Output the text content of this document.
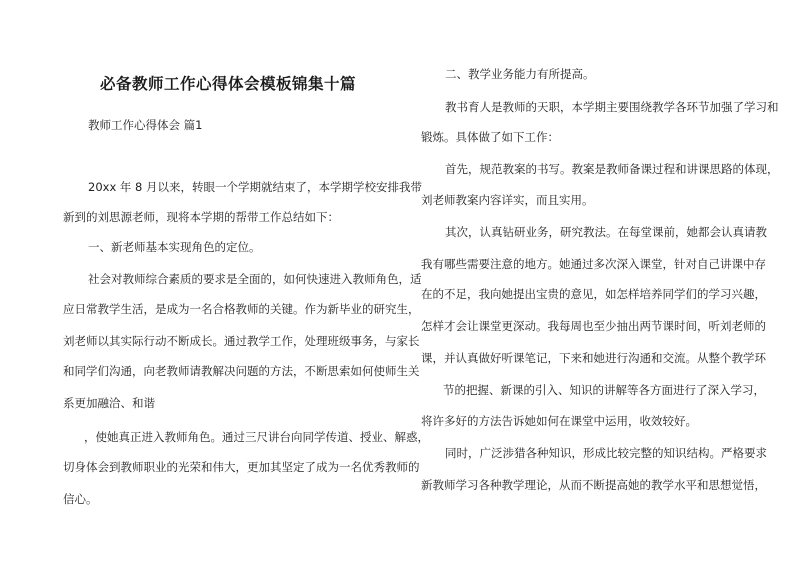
必备教师工作心得体会模板锦集十篇
教师工作心得体会 篇1
20xx 年 8 月以来，转眼一个学期就结束了，本学期学校安排我带
新到的刘思源老师，现将本学期的帮带工作总结如下：
一、新老师基本实现角色的定位。
社会对教师综合素质的要求是全面的，如何快速进入教师角色，适
应日常教学生活，是成为一名合格教师的关键。作为新毕业的研究生，
刘老师以其实际行动不断成长。通过教学工作，处理班级事务，与家长
和同学们沟通，向老教师请教解决问题的方法，不断思索如何使师生关
系更加融洽、和谐
，使她真正进入教师角色。通过三尺讲台向同学传道、授业、解惑，
切身体会到教师职业的光荣和伟大，更加其坚定了成为一名优秀教师的
信心。
二、教学业务能力有所提高。
教书育人是教师的天职，本学期主要围绕教学各环节加强了学习和
锻炼。具体做了如下工作：
首先，规范教案的书写。教案是教师备课过程和讲课思路的体现，
刘老师教案内容详实，而且实用。
其次，认真钻研业务，研究教法。在每堂课前，她都会认真请教
我有哪些需要注意的地方。她通过多次深入课堂，针对自己讲课中存
在的不足，我向她提出宝贵的意见，如怎样培养同学们的学习兴趣，
怎样才会让课堂更深动。我每周也至少抽出两节课时间，听刘老师的
课，并认真做好听课笔记，下来和她进行沟通和交流。从整个教学环
节的把握、新课的引入、知识的讲解等各方面进行了深入学习，
将许多好的方法告诉她如何在课堂中运用，收效较好。
同时，广泛涉猎各种知识，形成比较完整的知识结构。严格要求
新教师学习各种教学理论，从而不断提高她的教学水平和思想觉悟，
